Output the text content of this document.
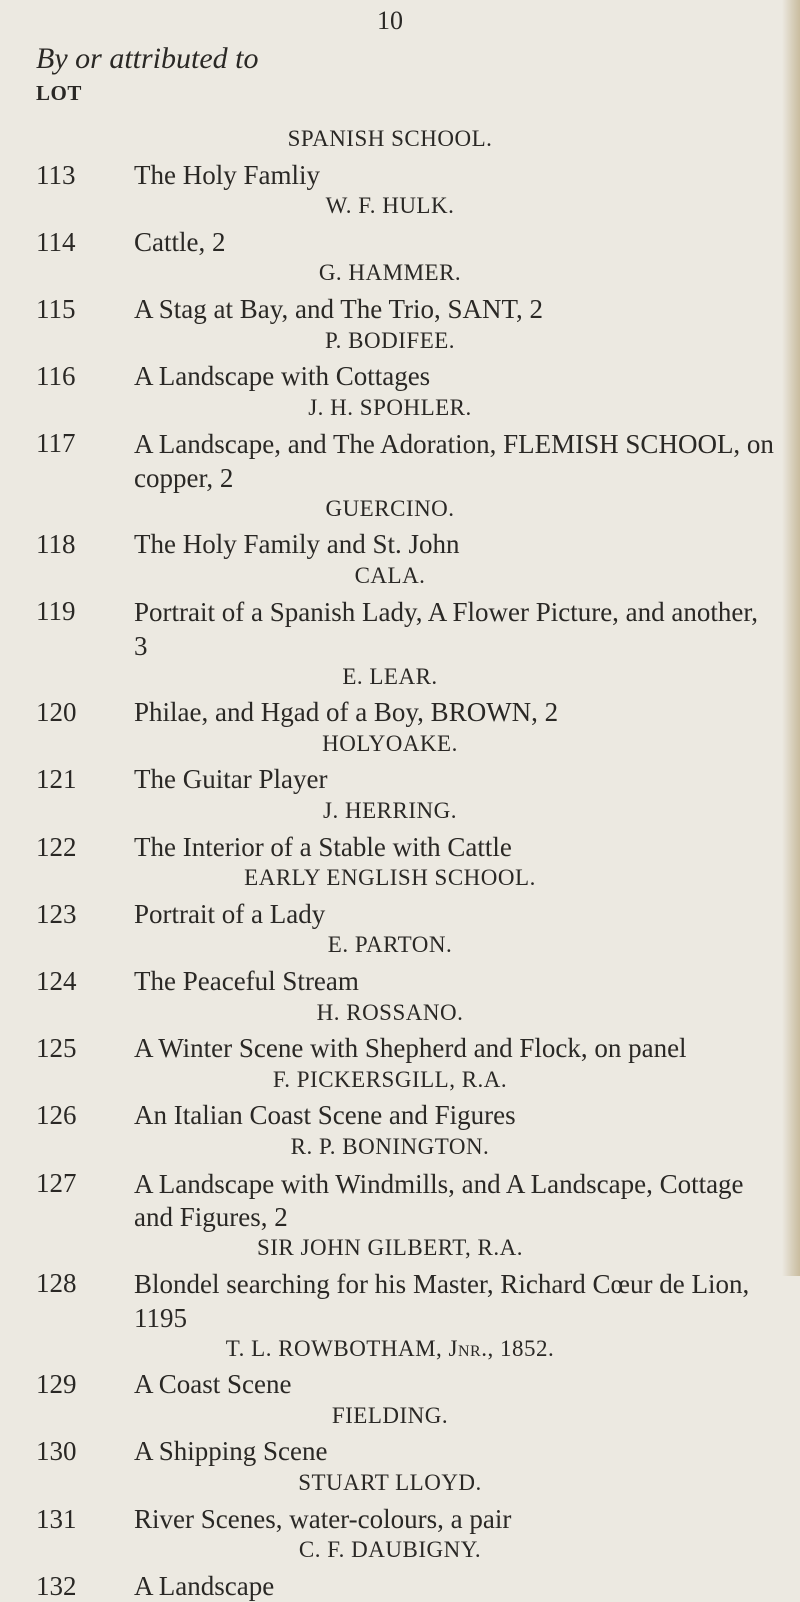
10
By or attributed to
LOT
SPANISH SCHOOL.
113 The Holy Famliy
W. F. HULK.
114 Cattle, 2
G. HAMMER.
115 A Stag at Bay, and The Trio, SANT, 2
P. BODIFEE.
116 A Landscape with Cottages
J. H. SPOHLER.
117 A Landscape, and The Adoration, FLEMISH SCHOOL, on copper, 2
GUERCINO.
118 The Holy Family and St. John
CALA.
119 Portrait of a Spanish Lady, A Flower Picture, and another, 3
E. LEAR.
120 Philae, and Hgad of a Boy, BROWN, 2
HOLYOAKE.
121 The Guitar Player
J. HERRING.
122 The Interior of a Stable with Cattle
EARLY ENGLISH SCHOOL.
123 Portrait of a Lady
E. PARTON.
124 The Peaceful Stream
H. ROSSANO.
125 A Winter Scene with Shepherd and Flock, on panel
F. PICKERSGILL, R.A.
126 An Italian Coast Scene and Figures
R. P. BONINGTON.
127 A Landscape with Windmills, and A Landscape, Cottage and Figures, 2
SIR JOHN GILBERT, R.A.
128 Blondel searching for his Master, Richard Cœur de Lion, 1195
T. L. ROWBOTHAM, Jnr., 1852.
129 A Coast Scene
FIELDING.
130 A Shipping Scene
STUART LLOYD.
131 River Scenes, water-colours, a pair
C. F. DAUBIGNY.
132 A Landscape
